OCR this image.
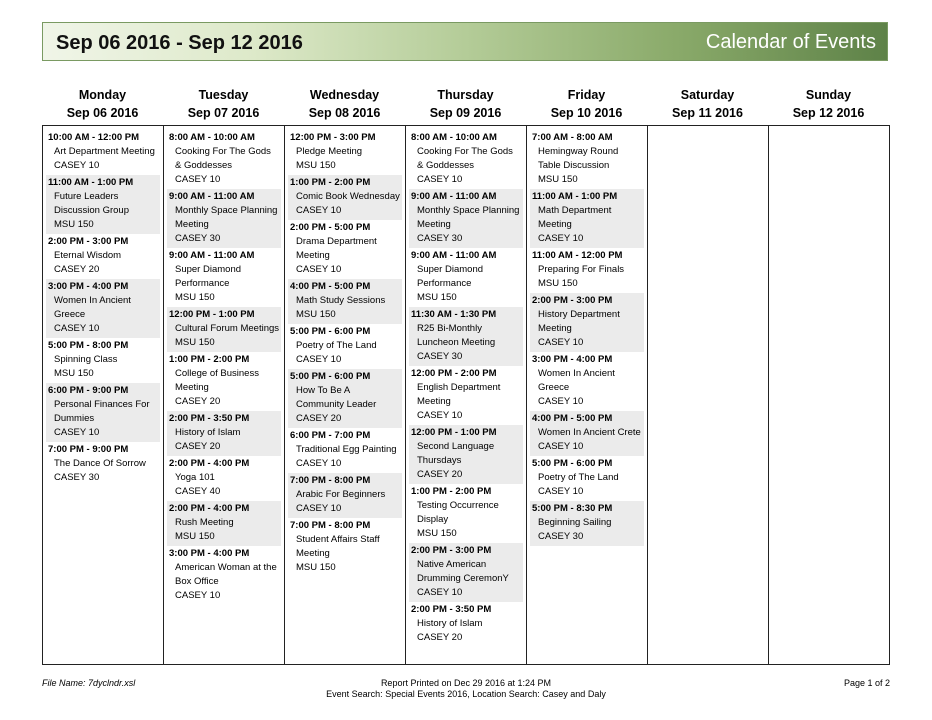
Sep 06 2016 - Sep 12 2016	Calendar of Events
Monday
Sep 06 2016
Tuesday
Sep 07 2016
Wednesday
Sep 08 2016
Thursday
Sep 09 2016
Friday
Sep 10 2016
Saturday
Sep 11 2016
Sunday
Sep 12 2016
10:00 AM - 12:00 PM
Art Department Meeting
CASEY 10
11:00 AM - 1:00 PM
Future Leaders Discussion Group
MSU 150
2:00 PM - 3:00 PM
Eternal Wisdom
CASEY 20
3:00 PM - 4:00 PM
Women In Ancient Greece
CASEY 10
5:00 PM - 8:00 PM
Spinning Class
MSU 150
6:00 PM - 9:00 PM
Personal Finances For Dummies
CASEY 10
7:00 PM - 9:00 PM
The Dance Of Sorrow
CASEY 30
8:00 AM - 10:00 AM
Cooking For The Gods & Goddesses
CASEY 10
9:00 AM - 11:00 AM
Monthly Space Planning Meeting
CASEY 30
9:00 AM - 11:00 AM
Super Diamond Performance
MSU 150
12:00 PM - 1:00 PM
Cultural Forum Meetings
MSU 150
1:00 PM - 2:00 PM
College of Business Meeting
CASEY 20
2:00 PM - 3:50 PM
History of Islam
CASEY 20
2:00 PM - 4:00 PM
Yoga 101
CASEY 40
2:00 PM - 4:00 PM
Rush Meeting
MSU 150
3:00 PM - 4:00 PM
American Woman at the Box Office
CASEY 10
12:00 PM - 3:00 PM
Pledge Meeting
MSU 150
1:00 PM - 2:00 PM
Comic Book Wednesday
CASEY 10
2:00 PM - 5:00 PM
Drama Department Meeting
CASEY 10
4:00 PM - 5:00 PM
Math Study Sessions
MSU 150
5:00 PM - 6:00 PM
Poetry of The Land
CASEY 10
5:00 PM - 6:00 PM
How To Be A Community Leader
CASEY 20
6:00 PM - 7:00 PM
Traditional Egg Painting
CASEY 10
7:00 PM - 8:00 PM
Arabic For Beginners
CASEY 10
7:00 PM - 8:00 PM
Student Affairs Staff Meeting
MSU 150
8:00 AM - 10:00 AM
Cooking For The Gods & Goddesses
CASEY 10
9:00 AM - 11:00 AM
Monthly Space Planning Meeting
CASEY 30
9:00 AM - 11:00 AM
Super Diamond Performance
MSU 150
11:30 AM - 1:30 PM
R25 Bi-Monthly Luncheon Meeting
CASEY 30
12:00 PM - 2:00 PM
English Department Meeting
CASEY 10
12:00 PM - 1:00 PM
Second Language Thursdays
CASEY 20
1:00 PM - 2:00 PM
Testing Occurrence Display
MSU 150
2:00 PM - 3:00 PM
Native American Drumming CeremonY
CASEY 10
2:00 PM - 3:50 PM
History of Islam
CASEY 20
7:00 AM - 8:00 AM
Hemingway Round Table Discussion
MSU 150
11:00 AM - 1:00 PM
Math Department Meeting
CASEY 10
11:00 AM - 12:00 PM
Preparing For Finals
MSU 150
2:00 PM - 3:00 PM
History Department Meeting
CASEY 10
3:00 PM - 4:00 PM
Women In Ancient Greece
CASEY 10
4:00 PM - 5:00 PM
Women In Ancient Crete
CASEY 10
5:00 PM - 6:00 PM
Poetry of The Land
CASEY 10
5:00 PM - 8:30 PM
Beginning Sailing
CASEY 30
File Name: 7dyclndr.xsl	Report Printed on Dec 29 2016 at 1:24 PM
Event Search: Special Events 2016, Location Search: Casey and Daly
Page 1 of 2
